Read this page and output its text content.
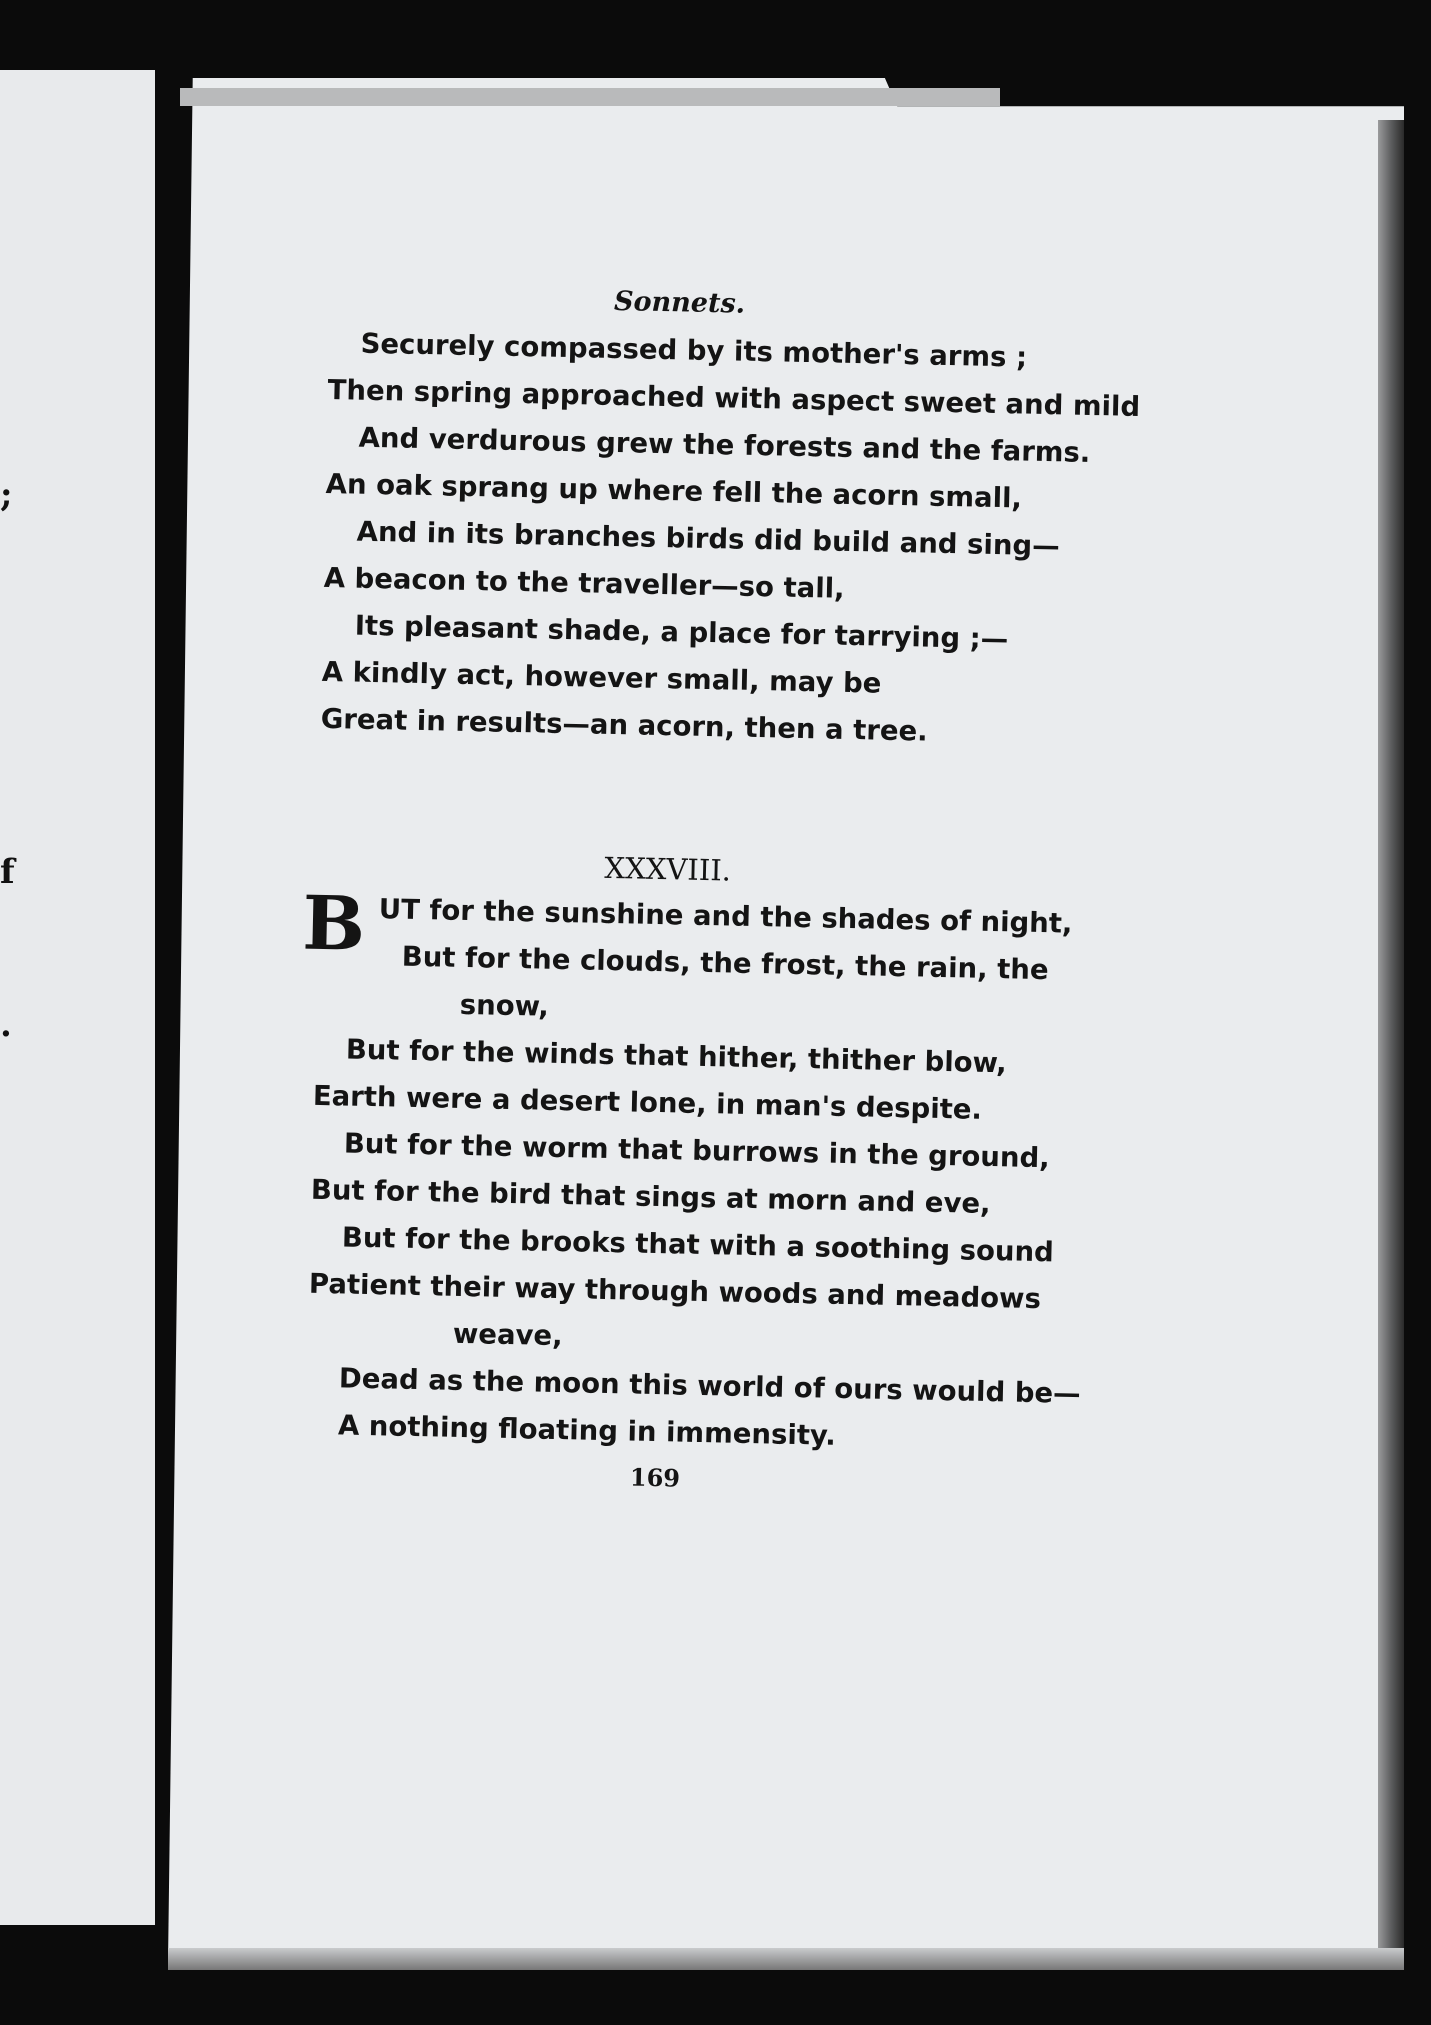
;
f
.
Sonnets.
Securely compassed by its mother's arms ;
Then spring approached with aspect sweet and mild
And verdurous grew the forests and the farms.
An oak sprang up where fell the acorn small,
And in its branches birds did build and sing—
A beacon to the traveller—so tall,
Its pleasant shade, a place for tarrying ;—
A kindly act, however small, may be
Great in results—an acorn, then a tree.
XXXVIII.
B UT for the sunshine and the shades of night,
But for the clouds, the frost, the rain, the
snow,
But for the winds that hither, thither blow,
Earth were a desert lone, in man's despite.
But for the worm that burrows in the ground,
But for the bird that sings at morn and eve,
But for the brooks that with a soothing sound
Patient their way through woods and meadows
weave,
Dead as the moon this world of ours would be—
A nothing floating in immensity.
169
